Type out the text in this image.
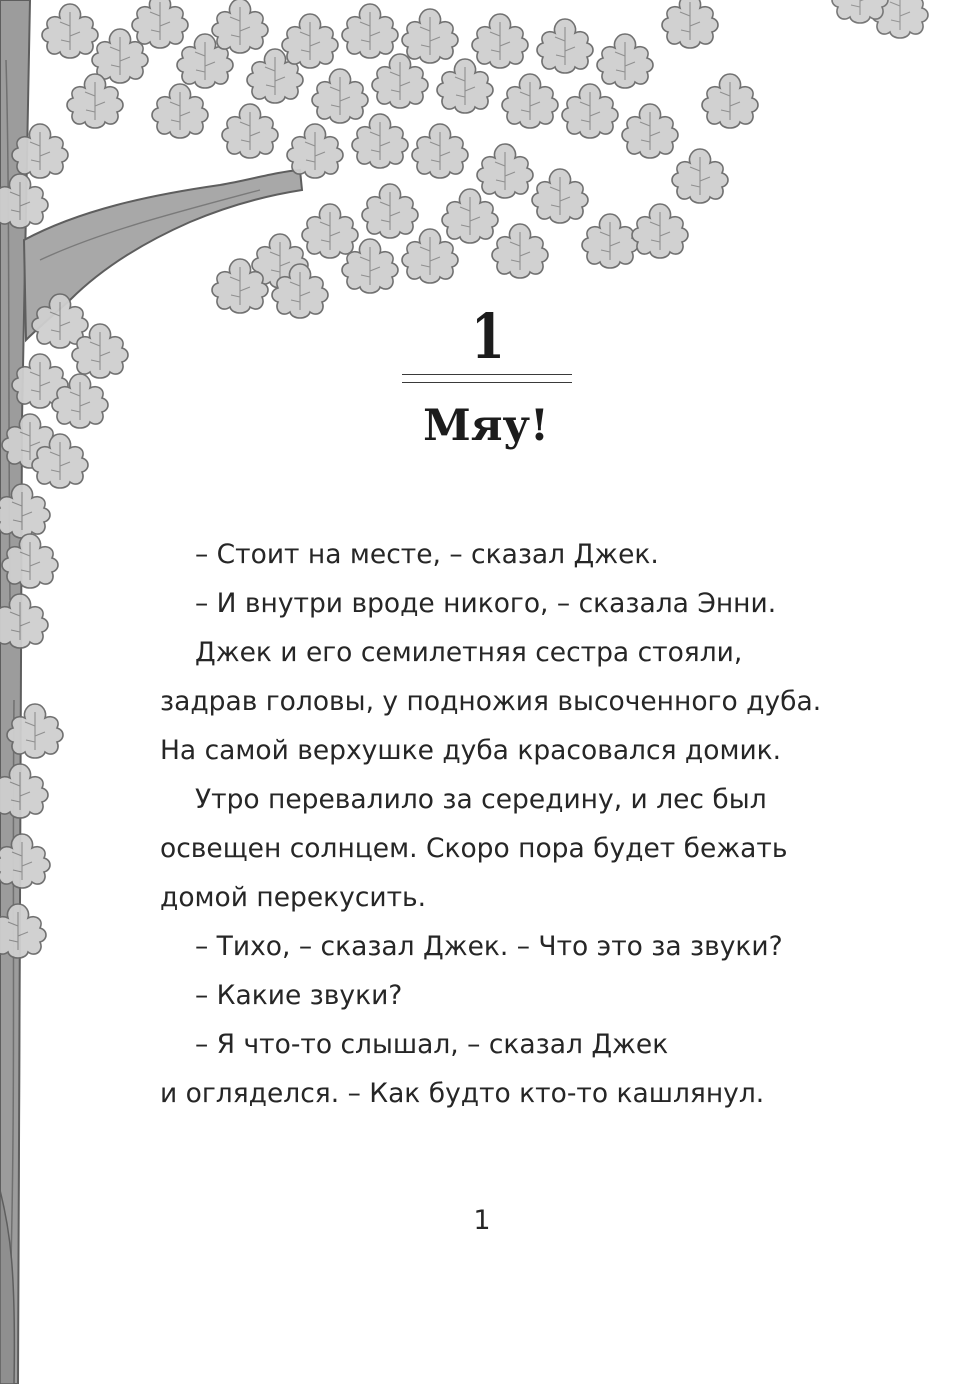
1
Мяу!
– Стоит на месте, – сказал Джек.
– И внутри вроде никого, – сказала Энни.
Джек и его семилетняя сестра стояли,
задрав головы, у подножия высоченного дуба.
На самой верхушке дуба красовался домик.
Утро перевалило за середину, и лес был
освещен солнцем. Скоро пора будет бежать
домой перекусить.
– Тихо, – сказал Джек. – Что это за звуки?
– Какие звуки?
– Я что-то слышал, – сказал Джек
и огляделся. – Как будто кто-то кашлянул.
1
